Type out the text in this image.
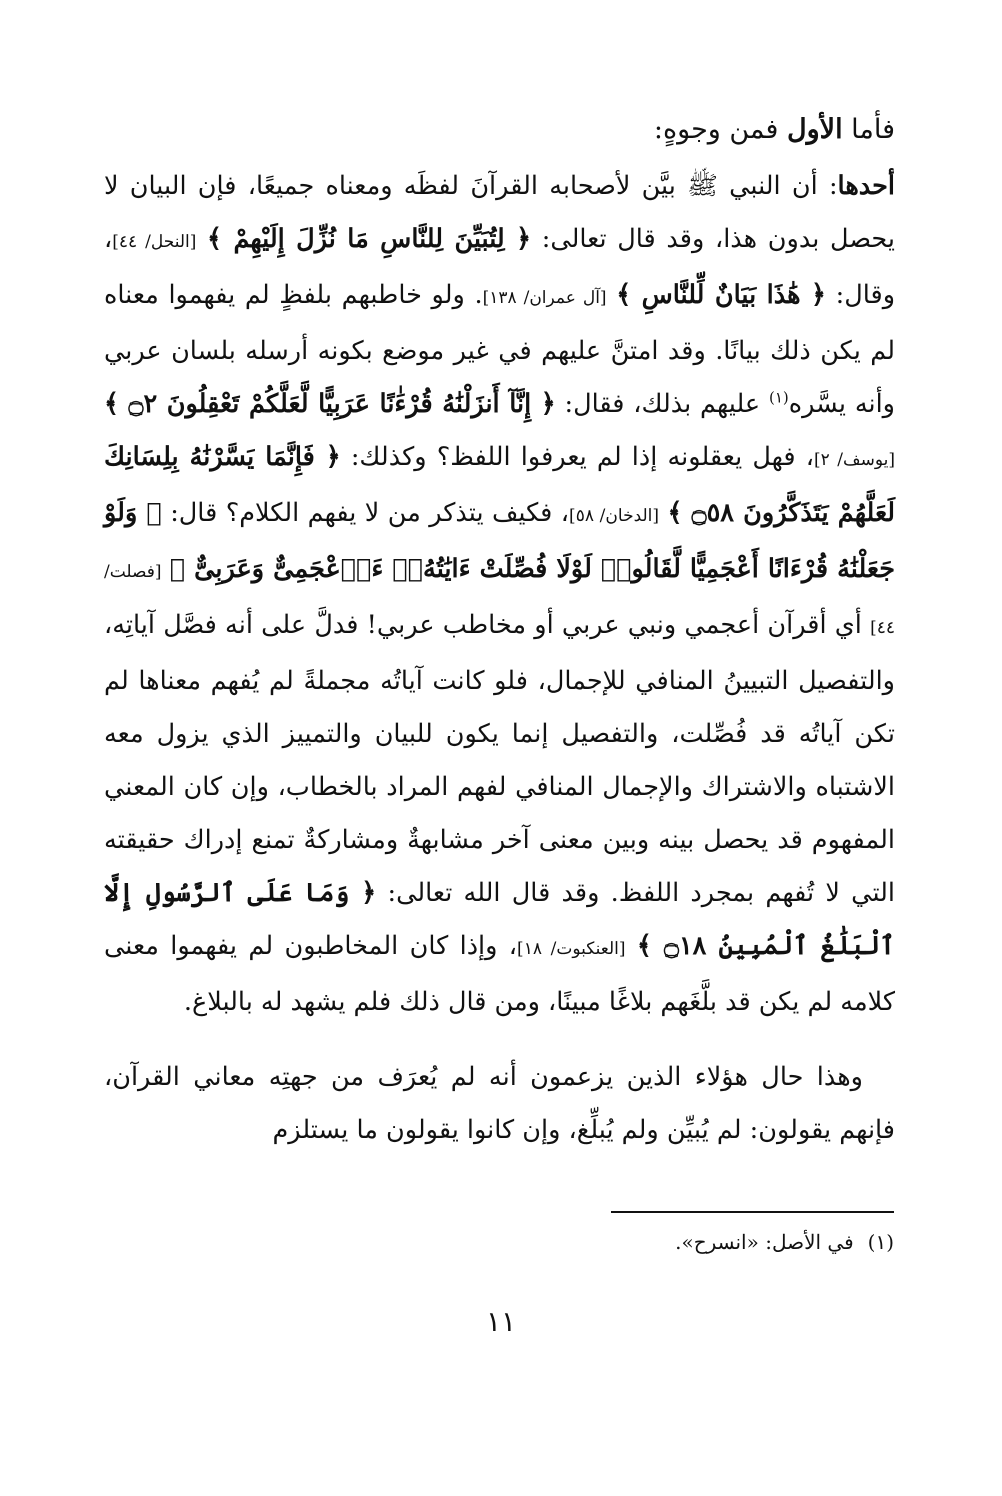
فأما الأول فمن وجوهٍ:

أحدها: أن النبي ﷺ بيَّن لأصحابه القرآنَ لفظَه ومعناه جميعًا، فإن البيان لا يحصل بدون هذا، وقد قال تعالى: ﴿ لِتُبَيِّنَ لِلنَّاسِ مَا نُزِّلَ إِلَيْهِمْ ﴾ [النحل/ ٤٤]، وقال: ﴿ هَٰذَا بَيَانٌ لِّلنَّاسِ ﴾ [آل عمران/ ١٣٨]. ولو خاطبهم بلفظٍ لم يفهموا معناه لم يكن ذلك بيانًا. وقد امتنَّ عليهم في غير موضع بكونه أرسله بلسان عربي وأنه يسَّره$^{(١)}$ عليهم بذلك، فقال: ﴿ إِنَّآ أَنزَلْنَٰهُ قُرْءَٰنًا عَرَبِيًّا لَّعَلَّكُمْ تَعْقِلُونَ ۝٢ ﴾ [يوسف/ ٢]، فهل يعقلونه إذا لم يعرفوا اللفظ؟ وكذلك: ﴿ فَإِنَّمَا يَسَّرْنَٰهُ بِلِسَانِكَ لَعَلَّهُمْ يَتَذَكَّرُونَ ۝٥٨ ﴾ [الدخان/ ٥٨]، فكيف يتذكر من لا يفهم الكلام؟ قال: ﴿ وَلَوْ جَعَلْنَٰهُ قُرْءَانًا أَعْجَمِيًّا لَّقَالُوا۟ لَوْلَا فُصِّلَتْ ءَايَٰتُهُۥٓ ءَا۬عْجَمِىٌّ وَعَرَبِىٌّ ﴾ [فصلت/ ٤٤] أي أقرآن أعجمي ونبي عربي أو مخاطب عربي! فدلَّ على أنه فصَّل آياتِه، والتفصيل التبيينُ المنافي للإجمال، فلو كانت آياتُه مجملةً لم يُفهم معناها لم تكن آياتُه قد فُصِّلت، والتفصيل إنما يكون للبيان والتمييز الذي يزول معه الاشتباه والاشتراك والإجمال المنافي لفهم المراد بالخطاب، وإن كان المعني المفهوم قد يحصل بينه وبين معنى آخر مشابهةٌ ومشاركةٌ تمنع إدراك حقيقته التي لا تُفهم بمجرد اللفظ. وقد قال الله تعالى: ﴿ وَمَا عَلَى ٱلرَّسُولِ إِلَّا ٱلْبَلَٰغُ ٱلْمُبِينُ ۝١٨ ﴾ [العنكبوت/ ١٨]، وإذا كان المخاطبون لم يفهموا معنى كلامه لم يكن قد بلَّغَهم بلاغًا مبينًا، ومن قال ذلك فلم يشهد له بالبلاغ.

وهذا حال هؤلاء الذين يزعمون أنه لم يُعرَف من جهتِه معاني القرآن، فإنهم يقولون: لم يُبيِّن ولم يُبلِّغ، وإن كانوا يقولون ما يستلزم

(١)في الأصل: «انسرح».
١١
